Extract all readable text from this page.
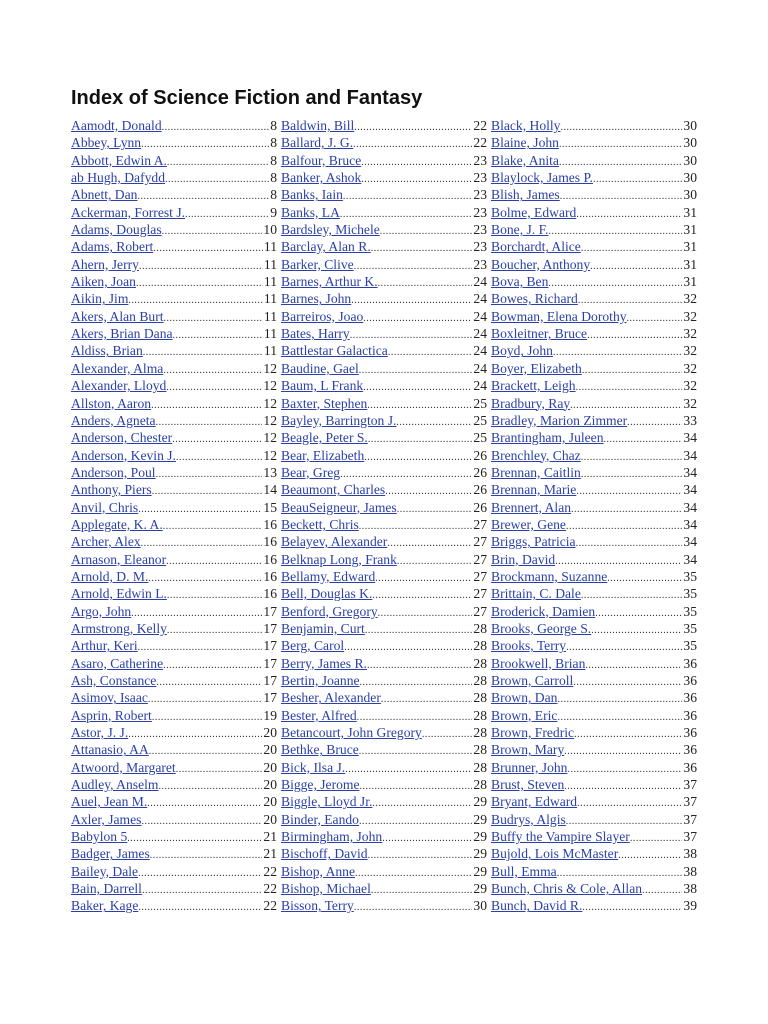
Index of Science Fiction and Fantasy
Aamodt, Donald .....	8
Abbey, Lynn .....	8
Abbott, Edwin A. .....	8
ab Hugh, Dafydd .....	8
Abnett, Dan .....	8
Ackerman, Forrest J. .....	9
Adams, Douglas .....	10
Adams, Robert .....	11
Ahern, Jerry .....	11
Aiken, Joan .....	11
Aikin, Jim .....	11
Akers, Alan Burt .....	11
Akers, Brian Dana .....	11
Aldiss, Brian .....	11
Alexander, Alma .....	12
Alexander, Lloyd .....	12
Allston, Aaron .....	12
Anders, Agneta .....	12
Anderson, Chester .....	12
Anderson, Kevin J. .....	12
Anderson, Poul .....	13
Anthony, Piers .....	14
Anvil, Chris .....	15
Applegate, K. A. .....	16
Archer, Alex .....	16
Arnason, Eleanor .....	16
Arnold, D. M. .....	16
Arnold, Edwin L. .....	16
Argo, John .....	17
Armstrong, Kelly .....	17
Arthur, Keri .....	17
Asaro, Catherine .....	17
Ash, Constance .....	17
Asimov, Isaac .....	17
Asprin, Robert .....	19
Astor, J. J. .....	20
Attanasio, AA .....	20
Atwoord, Margaret .....	20
Audley, Anselm .....	20
Auel, Jean M. .....	20
Axler, James .....	20
Babylon 5 .....	21
Badger, James .....	21
Bailey, Dale .....	22
Bain, Darrell .....	22
Baker, Kage .....	22
Baldwin, Bill .....	22
Ballard, J. G. .....	22
Balfour, Bruce .....	23
Banker, Ashok .....	23
Banks, Iain .....	23
Banks, LA .....	23
Bardsley, Michele .....	23
Barclay, Alan R. .....	23
Barker, Clive .....	23
Barnes, Arthur K. .....	24
Barnes, John .....	24
Barreiros, Joao .....	24
Bates, Harry .....	24
Battlestar Galactica .....	24
Baudine, Gael .....	24
Baum, L Frank .....	24
Baxter, Stephen .....	25
Bayley, Barrington J. .....	25
Beagle, Peter S. .....	25
Bear, Elizabeth .....	26
Bear, Greg .....	26
Beaumont, Charles .....	26
BeauSeigneur, James .....	26
Beckett, Chris .....	27
Belayev, Alexander .....	27
Belknap Long, Frank .....	27
Bellamy, Edward .....	27
Bell, Douglas K. .....	27
Benford, Gregory .....	27
Benjamin, Curt .....	28
Berg, Carol .....	28
Berry, James R. .....	28
Bertin, Joanne .....	28
Besher, Alexander .....	28
Bester, Alfred .....	28
Betancourt, John Gregory .....	28
Bethke, Bruce .....	28
Bick, Ilsa J. .....	28
Bigge, Jerome .....	28
Biggle, Lloyd Jr. .....	29
Binder, Eando .....	29
Birmingham, John .....	29
Bischoff, David .....	29
Bishop, Anne .....	29
Bishop, Michael .....	29
Bisson, Terry .....	30
Black, Holly .....	30
Blaine, John .....	30
Blake, Anita .....	30
Blaylock, James P. .....	30
Blish, James .....	30
Bolme, Edward .....	31
Bone, J. F. .....	31
Borchardt, Alice .....	31
Boucher, Anthony .....	31
Bova, Ben .....	31
Bowes, Richard .....	32
Bowman, Elena Dorothy .....	32
Boxleitner, Bruce .....	32
Boyd, John .....	32
Boyer, Elizabeth .....	32
Brackett, Leigh .....	32
Bradbury, Ray .....	32
Bradley, Marion Zimmer .....	33
Brantingham, Juleen .....	34
Brenchley, Chaz .....	34
Brennan, Caitlin .....	34
Brennan, Marie .....	34
Brennert, Alan .....	34
Brewer, Gene .....	34
Briggs, Patricia .....	34
Brin, David .....	34
Brockmann, Suzanne .....	35
Brittain, C. Dale .....	35
Broderick, Damien .....	35
Brooks, George S. .....	35
Brooks, Terry .....	35
Brookwell, Brian .....	36
Brown, Carroll .....	36
Brown, Dan .....	36
Brown, Eric .....	36
Brown, Fredric .....	36
Brown, Mary .....	36
Brunner, John .....	36
Brust, Steven .....	37
Bryant, Edward .....	37
Budrys, Algis .....	37
Buffy the Vampire Slayer .....	37
Bujold, Lois McMaster .....	38
Bull, Emma .....	38
Bunch, Chris & Cole, Allan .....	38
Bunch, David R. .....	39
